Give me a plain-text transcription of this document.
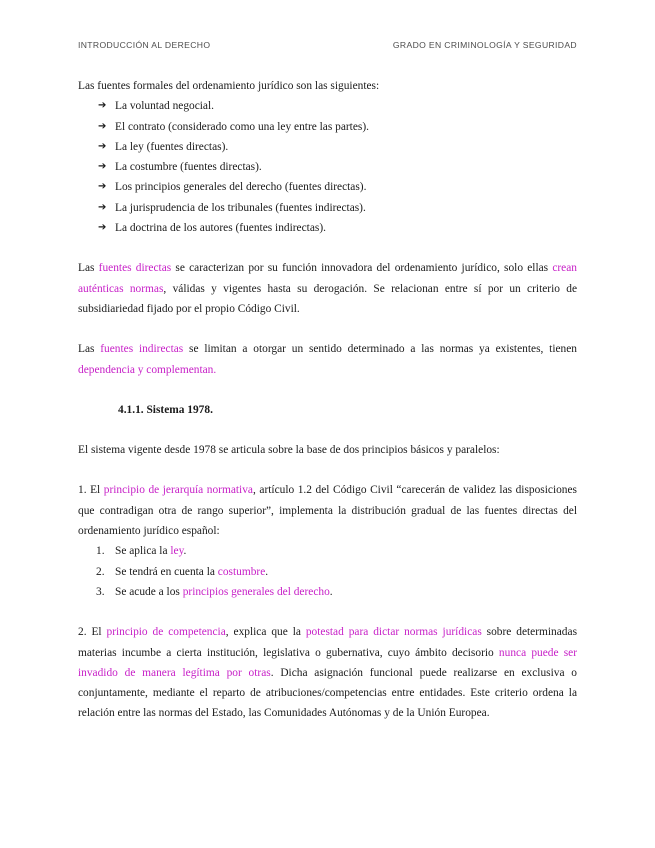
INTRODUCCIÓN AL DERECHO	GRADO EN CRIMINOLOGÍA Y SEGURIDAD

Las fuentes formales del ordenamiento jurídico son las siguientes:

➔ La voluntad negocial.
➔ El contrato (considerado como una ley entre las partes).
➔ La ley (fuentes directas).
➔ La costumbre (fuentes directas).
➔ Los principios generales del derecho (fuentes directas).
➔ La jurisprudencia de los tribunales (fuentes indirectas).
➔ La doctrina de los autores (fuentes indirectas).

Las fuentes directas se caracterizan por su función innovadora del ordenamiento jurídico, solo ellas crean auténticas normas, válidas y vigentes hasta su derogación. Se relacionan entre sí por un criterio de subsidiariedad fijado por el propio Código Civil.

Las fuentes indirectas se limitan a otorgar un sentido determinado a las normas ya existentes, tienen dependencia y complementan.

4.1.1. Sistema 1978.

El sistema vigente desde 1978 se articula sobre la base de dos principios básicos y paralelos:

1. El principio de jerarquía normativa, artículo 1.2 del Código Civil “carecerán de validez las disposiciones que contradigan otra de rango superior”, implementa la distribución gradual de las fuentes directas del ordenamiento jurídico español:

1. Se aplica la ley.
2. Se tendrá en cuenta la costumbre.
3. Se acude a los principios generales del derecho.

2. El principio de competencia, explica que la potestad para dictar normas jurídicas sobre determinadas materias incumbe a cierta institución, legislativa o gubernativa, cuyo ámbito decisorio nunca puede ser invadido de manera legítima por otras. Dicha asignación funcional puede realizarse en exclusiva o conjuntamente, mediante el reparto de atribuciones/competencias entre entidades. Este criterio ordena la relación entre las normas del Estado, las Comunidades Autónomas y de la Unión Europea.
